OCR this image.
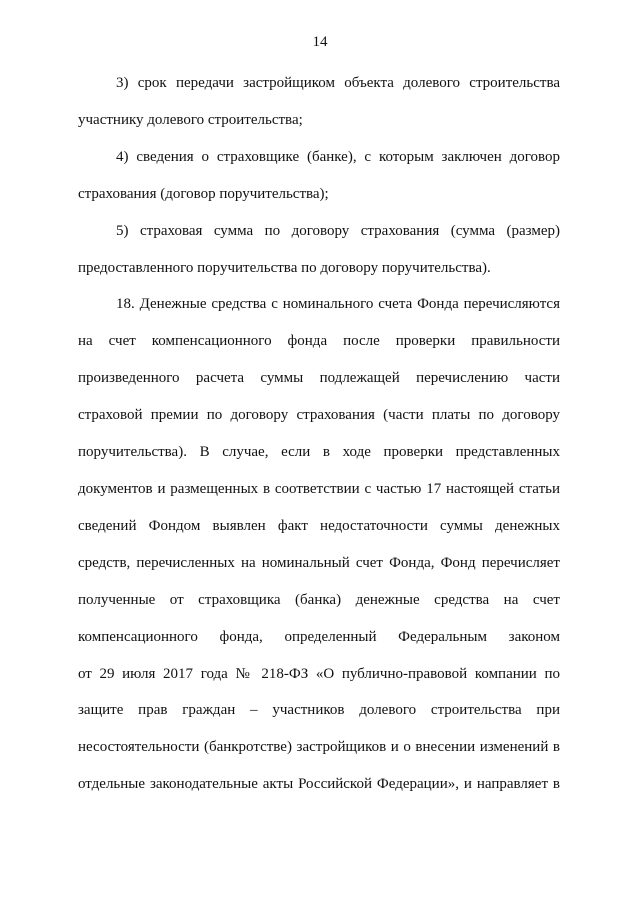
14
3) срок передачи застройщиком объекта долевого строительства
участнику долевого строительства;
4) сведения о страховщике (банке), с которым заключен договор
страхования (договор поручительства);
5) страховая сумма по договору страхования (сумма (размер)
предоставленного поручительства по договору поручительства).
18. Денежные средства с номинального счета Фонда перечисляются
на счет компенсационного фонда после проверки правильности
произведенного расчета суммы подлежащей перечислению части
страховой премии по договору страхования (части платы по договору
поручительства). В случае, если в ходе проверки представленных
документов и размещенных в соответствии с частью 17 настоящей статьи
сведений Фондом выявлен факт недостаточности суммы денежных
средств, перечисленных на номинальный счет Фонда, Фонд перечисляет
полученные от страховщика (банка) денежные средства на счет
компенсационного фонда, определенный Федеральным законом
от 29 июля 2017 года № 218-ФЗ «О публично-правовой компании по
защите прав граждан – участников долевого строительства при
несостоятельности (банкротстве) застройщиков и о внесении изменений в
отдельные законодательные акты Российской Федерации», и направляет в
